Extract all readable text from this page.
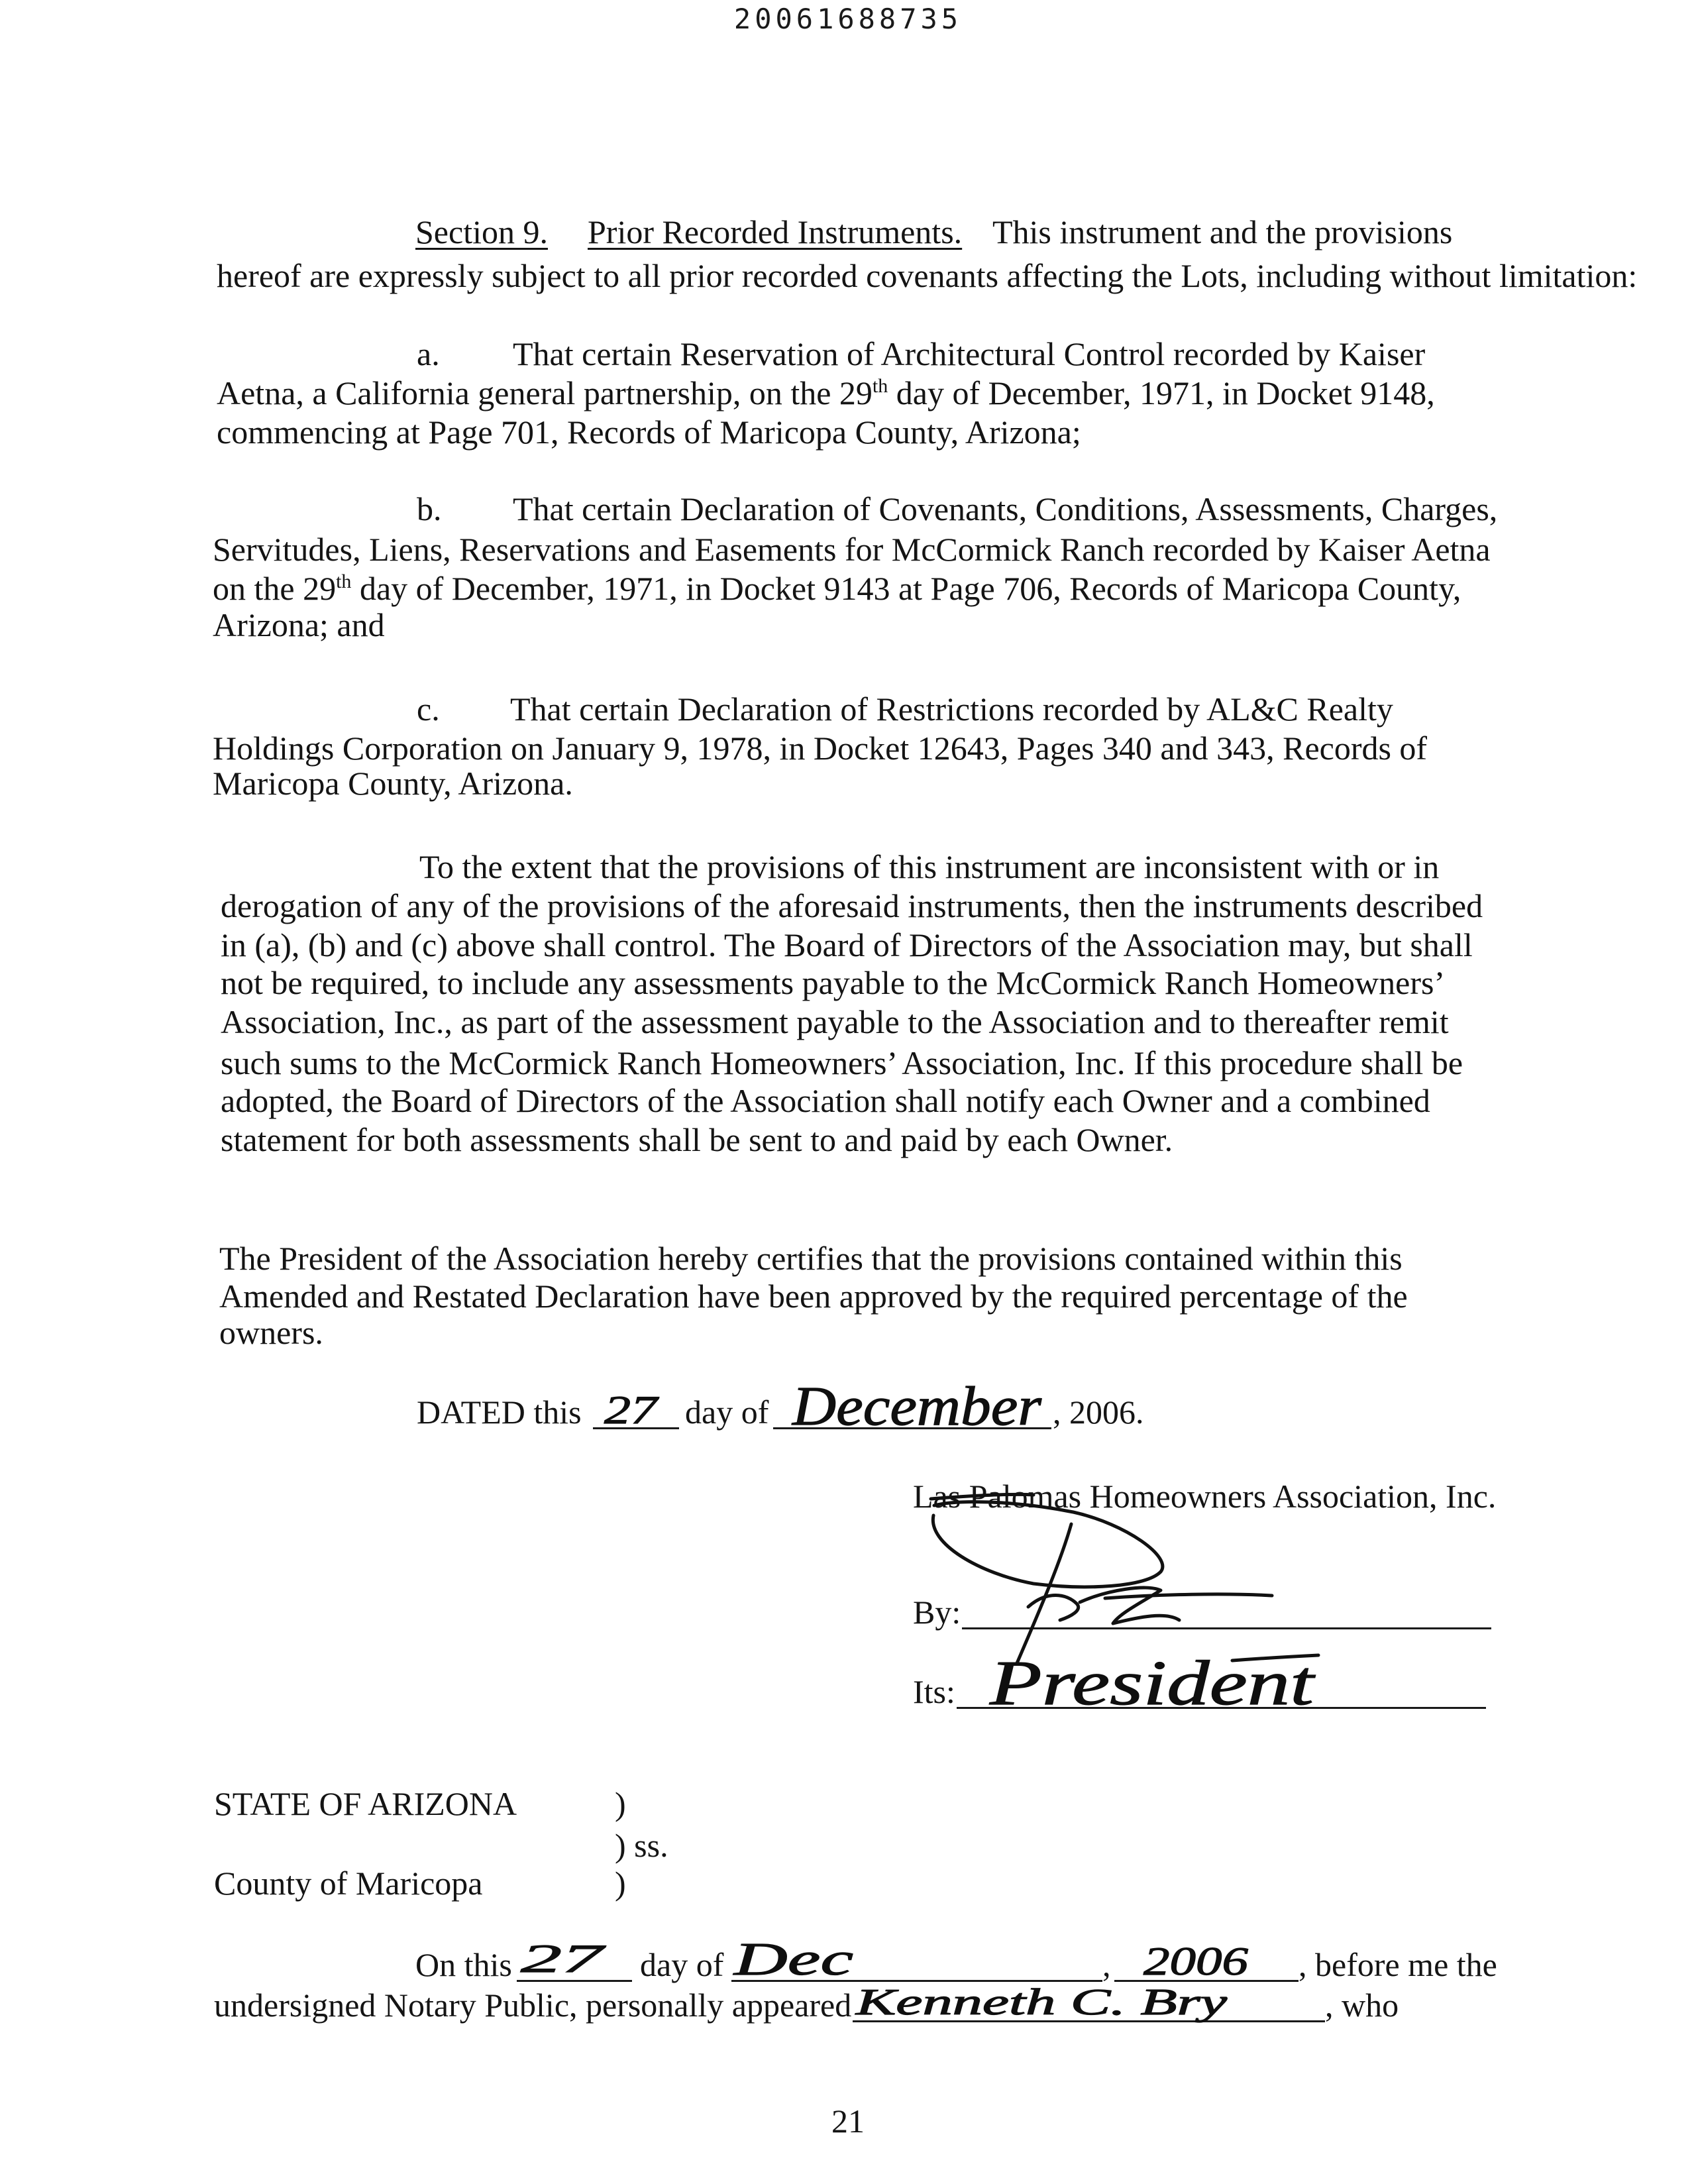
20061688735
Section 9. Prior Recorded Instruments. This instrument and the provisions
hereof are expressly subject to all prior recorded covenants affecting the Lots, including without limitation:
a. That certain Reservation of Architectural Control recorded by Kaiser
Aetna, a California general partnership, on the 29th day of December, 1971, in Docket 9148,
commencing at Page 701, Records of Maricopa County, Arizona;
b. That certain Declaration of Covenants, Conditions, Assessments, Charges,
Servitudes, Liens, Reservations and Easements for McCormick Ranch recorded by Kaiser Aetna
on the 29th day of December, 1971, in Docket 9143 at Page 706, Records of Maricopa County,
Arizona; and
c. That certain Declaration of Restrictions recorded by AL&C Realty
Holdings Corporation on January 9, 1978, in Docket 12643, Pages 340 and 343, Records of
Maricopa County, Arizona.
To the extent that the provisions of this instrument are inconsistent with or in
derogation of any of the provisions of the aforesaid instruments, then the instruments described
in (a), (b) and (c) above shall control. The Board of Directors of the Association may, but shall
not be required, to include any assessments payable to the McCormick Ranch Homeowners’
Association, Inc., as part of the assessment payable to the Association and to thereafter remit
such sums to the McCormick Ranch Homeowners’ Association, Inc. If this procedure shall be
adopted, the Board of Directors of the Association shall notify each Owner and a combined
statement for both assessments shall be sent to and paid by each Owner.
The President of the Association hereby certifies that the provisions contained within this
Amended and Restated Declaration have been approved by the required percentage of the
owners.
DATED this	day of	, 2006.
Las Palomas Homeowners Association, Inc.
By:
Its:
STATE OF ARIZONA	)
) ss.
County of Maricopa	)
On this	day of	,	, before me the
undersigned Notary Public, personally appeared	, who
21
27 December
President
27	Dec	2006
Kenneth C. Bry
